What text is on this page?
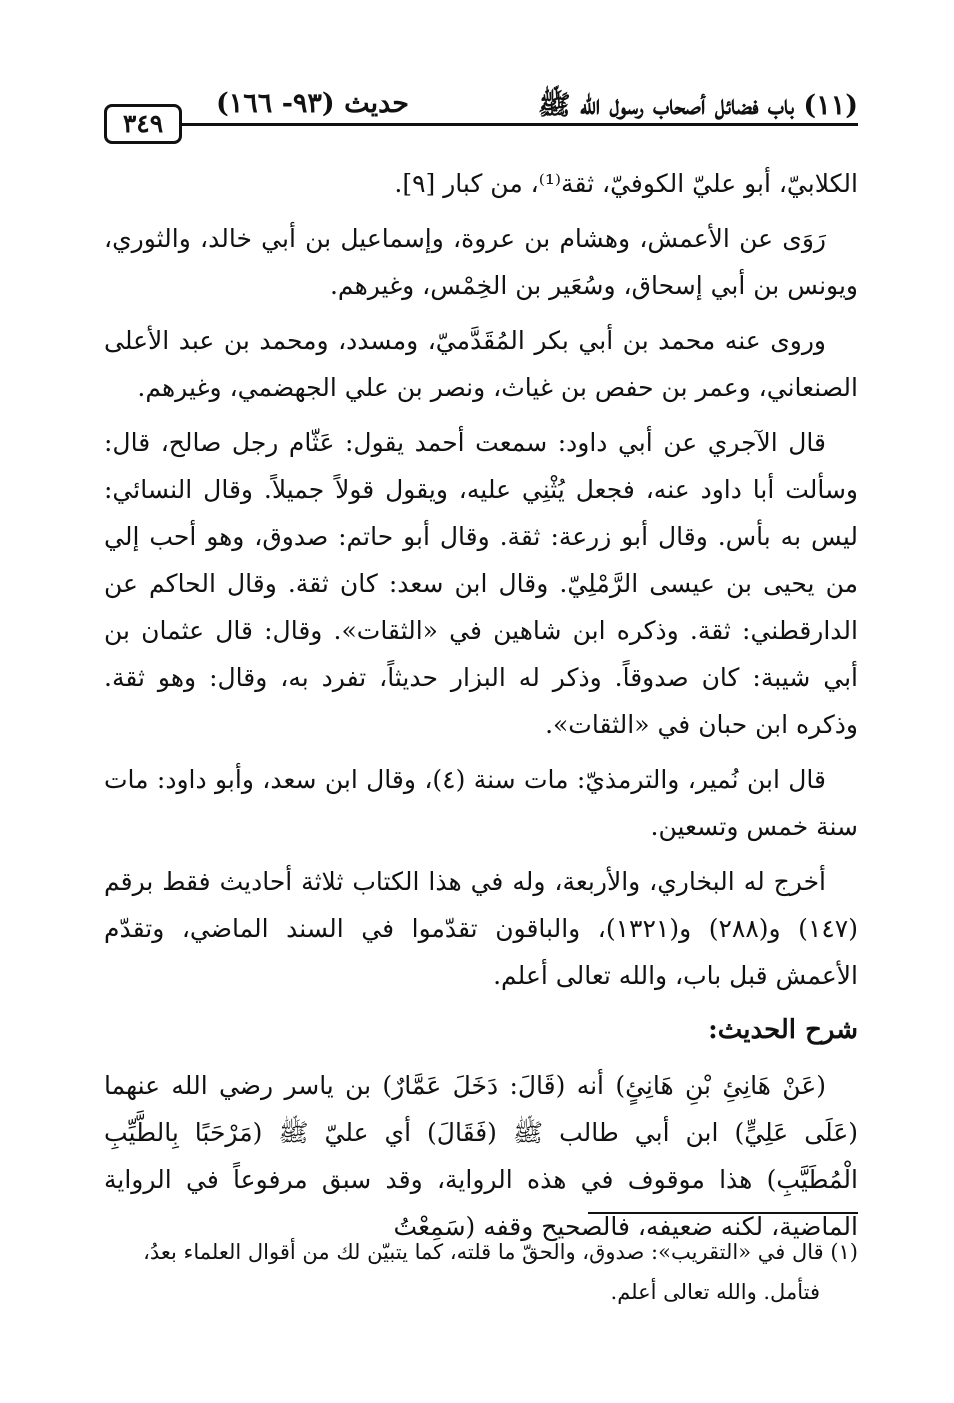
(١١) باب فضائل أصحاب رسول الله ﷺ
حديث (٩٣- ١٦٦)
٣٤٩

الكلابيّ، أبو عليّ الكوفيّ، ثقة⁽¹⁾، من كبار [٩].

رَوَى عن الأعمش، وهشام بن عروة، وإسماعيل بن أبي خالد، والثوري، ويونس بن أبي إسحاق، وسُعَير بن الخِمْس، وغيرهم.

وروى عنه محمد بن أبي بكر المُقَدَّميّ، ومسدد، ومحمد بن عبد الأعلى الصنعاني، وعمر بن حفص بن غياث، ونصر بن علي الجهضمي، وغيرهم.

قال الآجري عن أبي داود: سمعت أحمد يقول: عَثّام رجل صالح، قال: وسألت أبا داود عنه، فجعل يُثْنِي عليه، ويقول قولاً جميلاً. وقال النسائي: ليس به بأس. وقال أبو زرعة: ثقة. وقال أبو حاتم: صدوق، وهو أحب إلي من يحيى بن عيسى الرَّمْلِيّ. وقال ابن سعد: كان ثقة. وقال الحاكم عن الدارقطني: ثقة. وذكره ابن شاهين في «الثقات». وقال: قال عثمان بن أبي شيبة: كان صدوقاً. وذكر له البزار حديثاً، تفرد به، وقال: وهو ثقة. وذكره ابن حبان في «الثقات».

قال ابن نُمير، والترمذيّ: مات سنة (٤)، وقال ابن سعد، وأبو داود: مات سنة خمس وتسعين.

أخرج له البخاري، والأربعة، وله في هذا الكتاب ثلاثة أحاديث فقط برقم (١٤٧) و(٢٨٨) و(١٣٢١)، والباقون تقدّموا في السند الماضي، وتقدّم الأعمش قبل باب، والله تعالى أعلم.

شرح الحديث:

(عَنْ هَانِئِ بْنِ هَانِئٍ) أنه (قَالَ: دَخَلَ عَمَّارٌ) بن ياسر رضي الله عنهما (عَلَى عَلِيٍّ) ابن أبي طالب ﷺ (فَقَالَ) أي عليّ ﷺ (مَرْحَبًا بِالطَّيِّبِ الْمُطَيَّبِ) هذا موقوف في هذه الرواية، وقد سبق مرفوعاً في الرواية الماضية، لكنه ضعيفه، فالصحيح وقفه (سَمِعْتُ

(١) قال في «التقريب»: صدوق، والحقّ ما قلته، كما يتبيّن لك من أقوال العلماء بعدُ،

فتأمل. والله تعالى أعلم.
